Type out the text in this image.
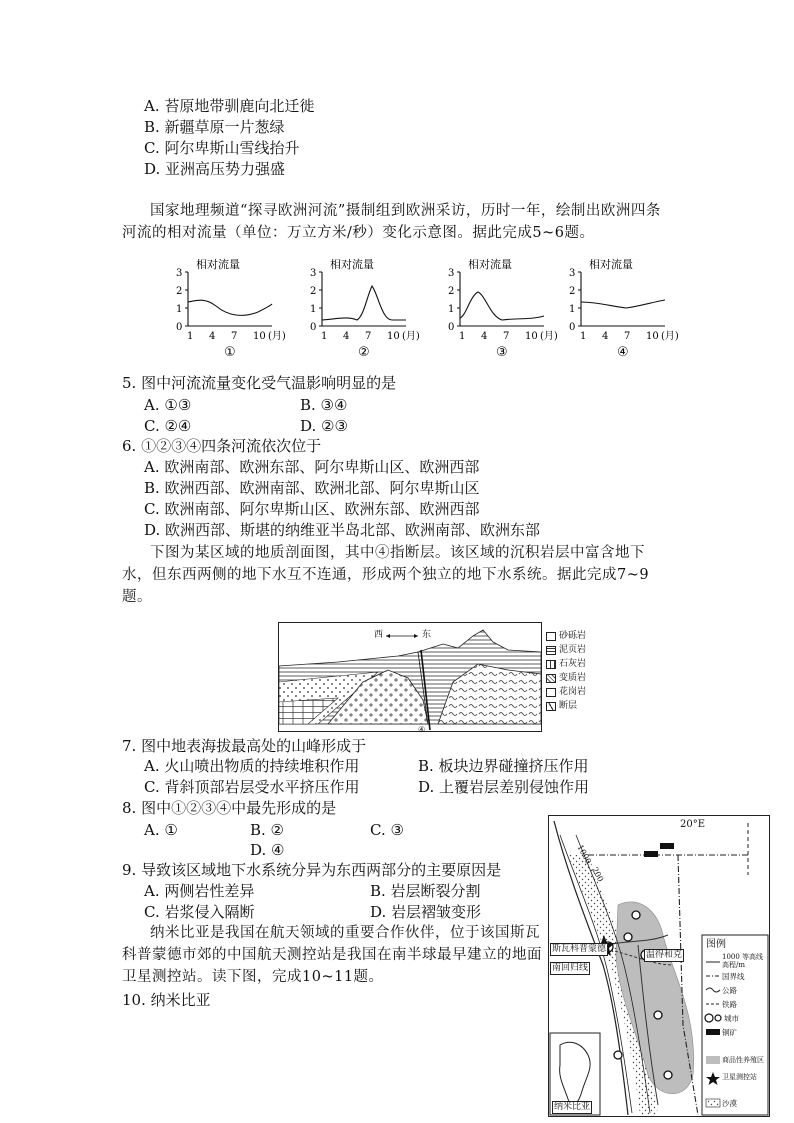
A. 苔原地带驯鹿向北迁徙
B. 新疆草原一片葱绿
C. 阿尔卑斯山雪线抬升
D. 亚洲高压势力强盛
国家地理频道“探寻欧洲河流”摄制组到欧洲采访，历时一年，绘制出欧洲四条河流的相对流量（单位：万立方米/秒）变化示意图。据此完成5~6题。
相对流量
0
1
2
3
1 4 7 10 (月)
①
相对流量
0
1
2
3
1 4 7 10 (月)
②
相对流量
0
1
2
3
1 4 7 10 (月)
③
相对流量
0
1
2
3
1 4 7 10 (月)
④
5. 图中河流流量变化受气温影响明显的是
A. ①③	B. ③④
C. ②④	D. ②③
6. ①②③④四条河流依次位于
A. 欧洲南部、欧洲东部、阿尔卑斯山区、欧洲西部
B. 欧洲西部、欧洲南部、欧洲北部、阿尔卑斯山区
C. 欧洲南部、阿尔卑斯山区、欧洲东部、欧洲西部
D. 欧洲西部、斯堪的纳维亚半岛北部、欧洲南部、欧洲东部
下图为某区域的地质剖面图，其中④指断层。该区域的沉积岩层中富含地下水，但东西两侧的地下水互不连通，形成两个独立的地下水系统。据此完成7~9题。
西	东
④
砂砾岩
泥页岩
石灰岩
变质岩
花岗岩
断层
7. 图中地表海拔最高处的山峰形成于
A. 火山喷出物质的持续堆积作用	B. 板块边界碰撞挤压作用
C. 背斜顶部岩层受水平挤压作用	D. 上覆岩层差别侵蚀作用
8. 图中①②③④中最先形成的是
A. ①	B. ②	C. ③
D. ④
9. 导致该区域地下水系统分异为东西两部分的主要原因是
A. 两侧岩性差异	B. 岩层断裂分割
C. 岩浆侵入隔断	D. 岩层褶皱变形
纳米比亚是我国在航天领域的重要合作伙伴，位于该国斯瓦科普蒙德市郊的中国航天测控站是我国在南半球最早建立的地面卫星测控站。读下图，完成10~11题。
10. 纳米比亚
20°E
1000
200
斯瓦科普蒙德
南回归线
温得和克
纳米比亚
图例
1000 等高线 高程/m
国界线
公路
铁路
城市
铜矿
商品性养殖区
卫星测控站
沙漠
